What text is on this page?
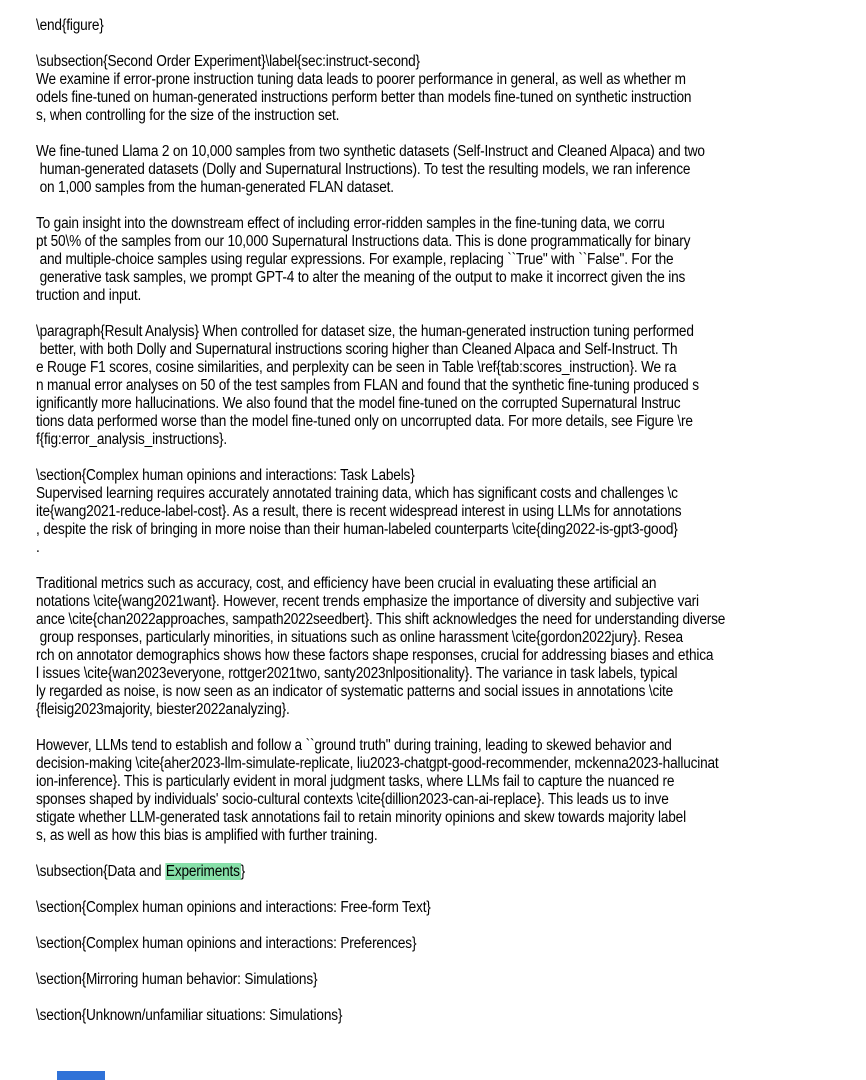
\end{figure}
\subsection{Second Order Experiment}\label{sec:instruct-second}
We examine if error-prone instruction tuning data leads to poorer performance in general, as well as whether m
odels fine-tuned on human-generated instructions perform better than models fine-tuned on synthetic instruction
s, when controlling for the size of the instruction set.
We fine-tuned Llama 2 on 10,000 samples from two synthetic datasets (Self-Instruct and Cleaned Alpaca) and two
human-generated datasets (Dolly and Supernatural Instructions). To test the resulting models, we ran inference
on 1,000 samples from the human-generated FLAN dataset.
To gain insight into the downstream effect of including error-ridden samples in the fine-tuning data, we corru
pt 50\% of the samples from our 10,000 Supernatural Instructions data. This is done programmatically for binary
and multiple-choice samples using regular expressions. For example, replacing ``True" with ``False". For the
generative task samples, we prompt GPT-4 to alter the meaning of the output to make it incorrect given the ins
truction and input.
\paragraph{Result Analysis} When controlled for dataset size, the human-generated instruction tuning performed
better, with both Dolly and Supernatural instructions scoring higher than Cleaned Alpaca and Self-Instruct. Th
e Rouge F1 scores, cosine similarities, and perplexity can be seen in Table \ref{tab:scores_instruction}. We ra
n manual error analyses on 50 of the test samples from FLAN and found that the synthetic fine-tuning produced s
ignificantly more hallucinations. We also found that the model fine-tuned on the corrupted Supernatural Instruc
tions data performed worse than the model fine-tuned only on uncorrupted data. For more details, see Figure \re
f{fig:error_analysis_instructions}.
\section{Complex human opinions and interactions: Task Labels}
Supervised learning requires accurately annotated training data, which has significant costs and challenges \c
ite{wang2021-reduce-label-cost}. As a result, there is recent widespread interest in using LLMs for annotations
, despite the risk of bringing in more noise than their human-labeled counterparts \cite{ding2022-is-gpt3-good}
.
Traditional metrics such as accuracy, cost, and efficiency have been crucial in evaluating these artificial an
notations \cite{wang2021want}. However, recent trends emphasize the importance of diversity and subjective vari
ance \cite{chan2022approaches, sampath2022seedbert}. This shift acknowledges the need for understanding diverse
group responses, particularly minorities, in situations such as online harassment \cite{gordon2022jury}. Resea
rch on annotator demographics shows how these factors shape responses, crucial for addressing biases and ethica
l issues \cite{wan2023everyone, rottger2021two, santy2023nlpositionality}. The variance in task labels, typical
ly regarded as noise, is now seen as an indicator of systematic patterns and social issues in annotations \cite
{fleisig2023majority, biester2022analyzing}.
However, LLMs tend to establish and follow a ``ground truth" during training, leading to skewed behavior and
decision-making \cite{aher2023-llm-simulate-replicate, liu2023-chatgpt-good-recommender, mckenna2023-hallucinat
ion-inference}. This is particularly evident in moral judgment tasks, where LLMs fail to capture the nuanced re
sponses shaped by individuals' socio-cultural contexts \cite{dillion2023-can-ai-replace}. This leads us to inve
stigate whether LLM-generated task annotations fail to retain minority opinions and skew towards majority label
s, as well as how this bias is amplified with further training.
\subsection{Data and Experiments}
\section{Complex human opinions and interactions: Free-form Text}
\section{Complex human opinions and interactions: Preferences}
\section{Mirroring human behavior: Simulations}
\section{Unknown/unfamiliar situations: Simulations}
